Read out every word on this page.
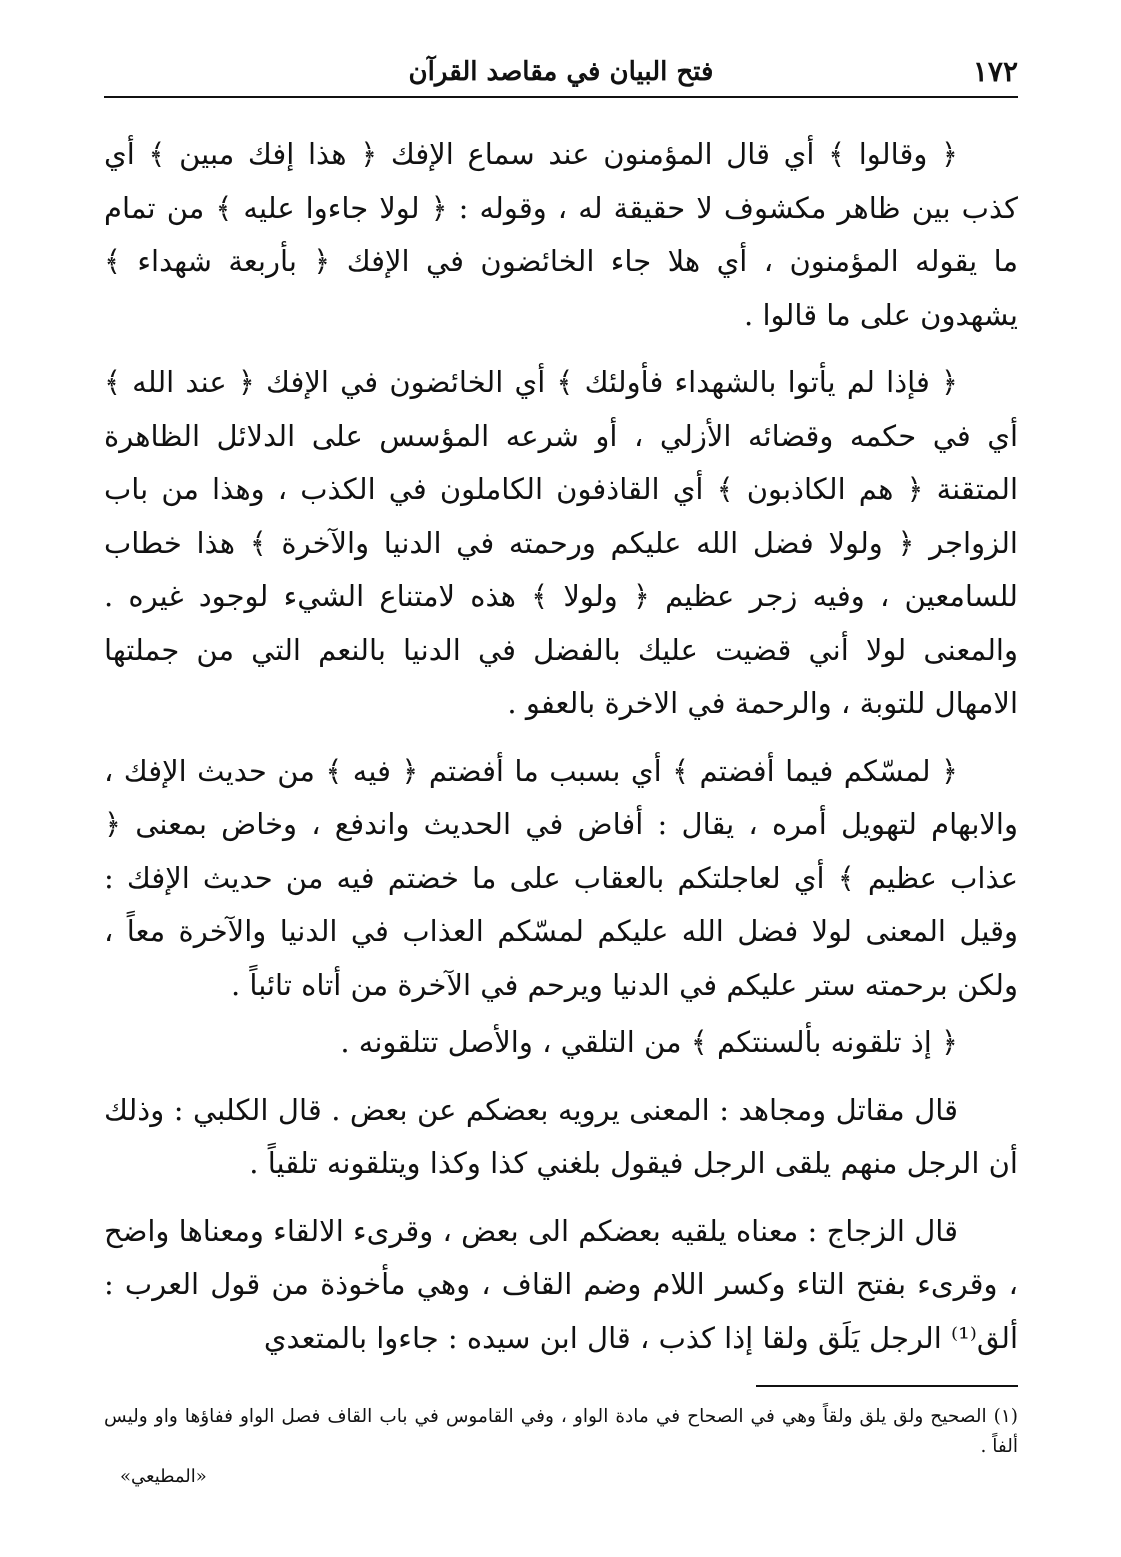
١٧٢
فتح البيان في مقاصد القرآن

﴿ وقالوا ﴾ أي قال المؤمنون عند سماع الإفك ﴿ هذا إفك مبين ﴾ أي كذب بين ظاهر مكشوف لا حقيقة له ، وقوله : ﴿ لولا جاءوا عليه ﴾ من تمام ما يقوله المؤمنون ، أي هلا جاء الخائضون في الإفك ﴿ بأربعة شهداء ﴾ يشهدون على ما قالوا .

﴿ فإذا لم يأتوا بالشهداء فأولئك ﴾ أي الخائضون في الإفك ﴿ عند الله ﴾ أي في حكمه وقضائه الأزلي ، أو شرعه المؤسس على الدلائل الظاهرة المتقنة ﴿ هم الكاذبون ﴾ أي القاذفون الكاملون في الكذب ، وهذا من باب الزواجر ﴿ ولولا فضل الله عليكم ورحمته في الدنيا والآخرة ﴾ هذا خطاب للسامعين ، وفيه زجر عظيم ﴿ ولولا ﴾ هذه لامتناع الشيء لوجود غيره . والمعنى لولا أني قضيت عليك بالفضل في الدنيا بالنعم التي من جملتها الامهال للتوبة ، والرحمة في الاخرة بالعفو .

﴿ لمسّكم فيما أفضتم ﴾ أي بسبب ما أفضتم ﴿ فيه ﴾ من حديث الإفك ، والابهام لتهويل أمره ، يقال : أفاض في الحديث واندفع ، وخاض بمعنى ﴿ عذاب عظيم ﴾ أي لعاجلتكم بالعقاب على ما خضتم فيه من حديث الإفك : وقيل المعنى لولا فضل الله عليكم لمسّكم العذاب في الدنيا والآخرة معاً ، ولكن برحمته ستر عليكم في الدنيا ويرحم في الآخرة من أتاه تائباً .

﴿ إذ تلقونه بألسنتكم ﴾ من التلقي ، والأصل تتلقونه .

قال مقاتل ومجاهد : المعنى يرويه بعضكم عن بعض . قال الكلبي : وذلك أن الرجل منهم يلقى الرجل فيقول بلغني كذا وكذا ويتلقونه تلقياً .

قال الزجاج : معناه يلقيه بعضكم الى بعض ، وقرىء الالقاء ومعناها واضح ، وقرىء بفتح التاء وكسر اللام وضم القاف ، وهي مأخوذة من قول العرب : ألق⁽¹⁾ الرجل يَلَق ولقا إذا كذب ، قال ابن سيده : جاءوا بالمتعدي

(١) الصحيح ولق يلق ولقاً وهي في الصحاح في مادة الواو ، وفي القاموس في باب القاف فصل الواو ففاؤها واو وليس ألفاً .
«المطيعي»
